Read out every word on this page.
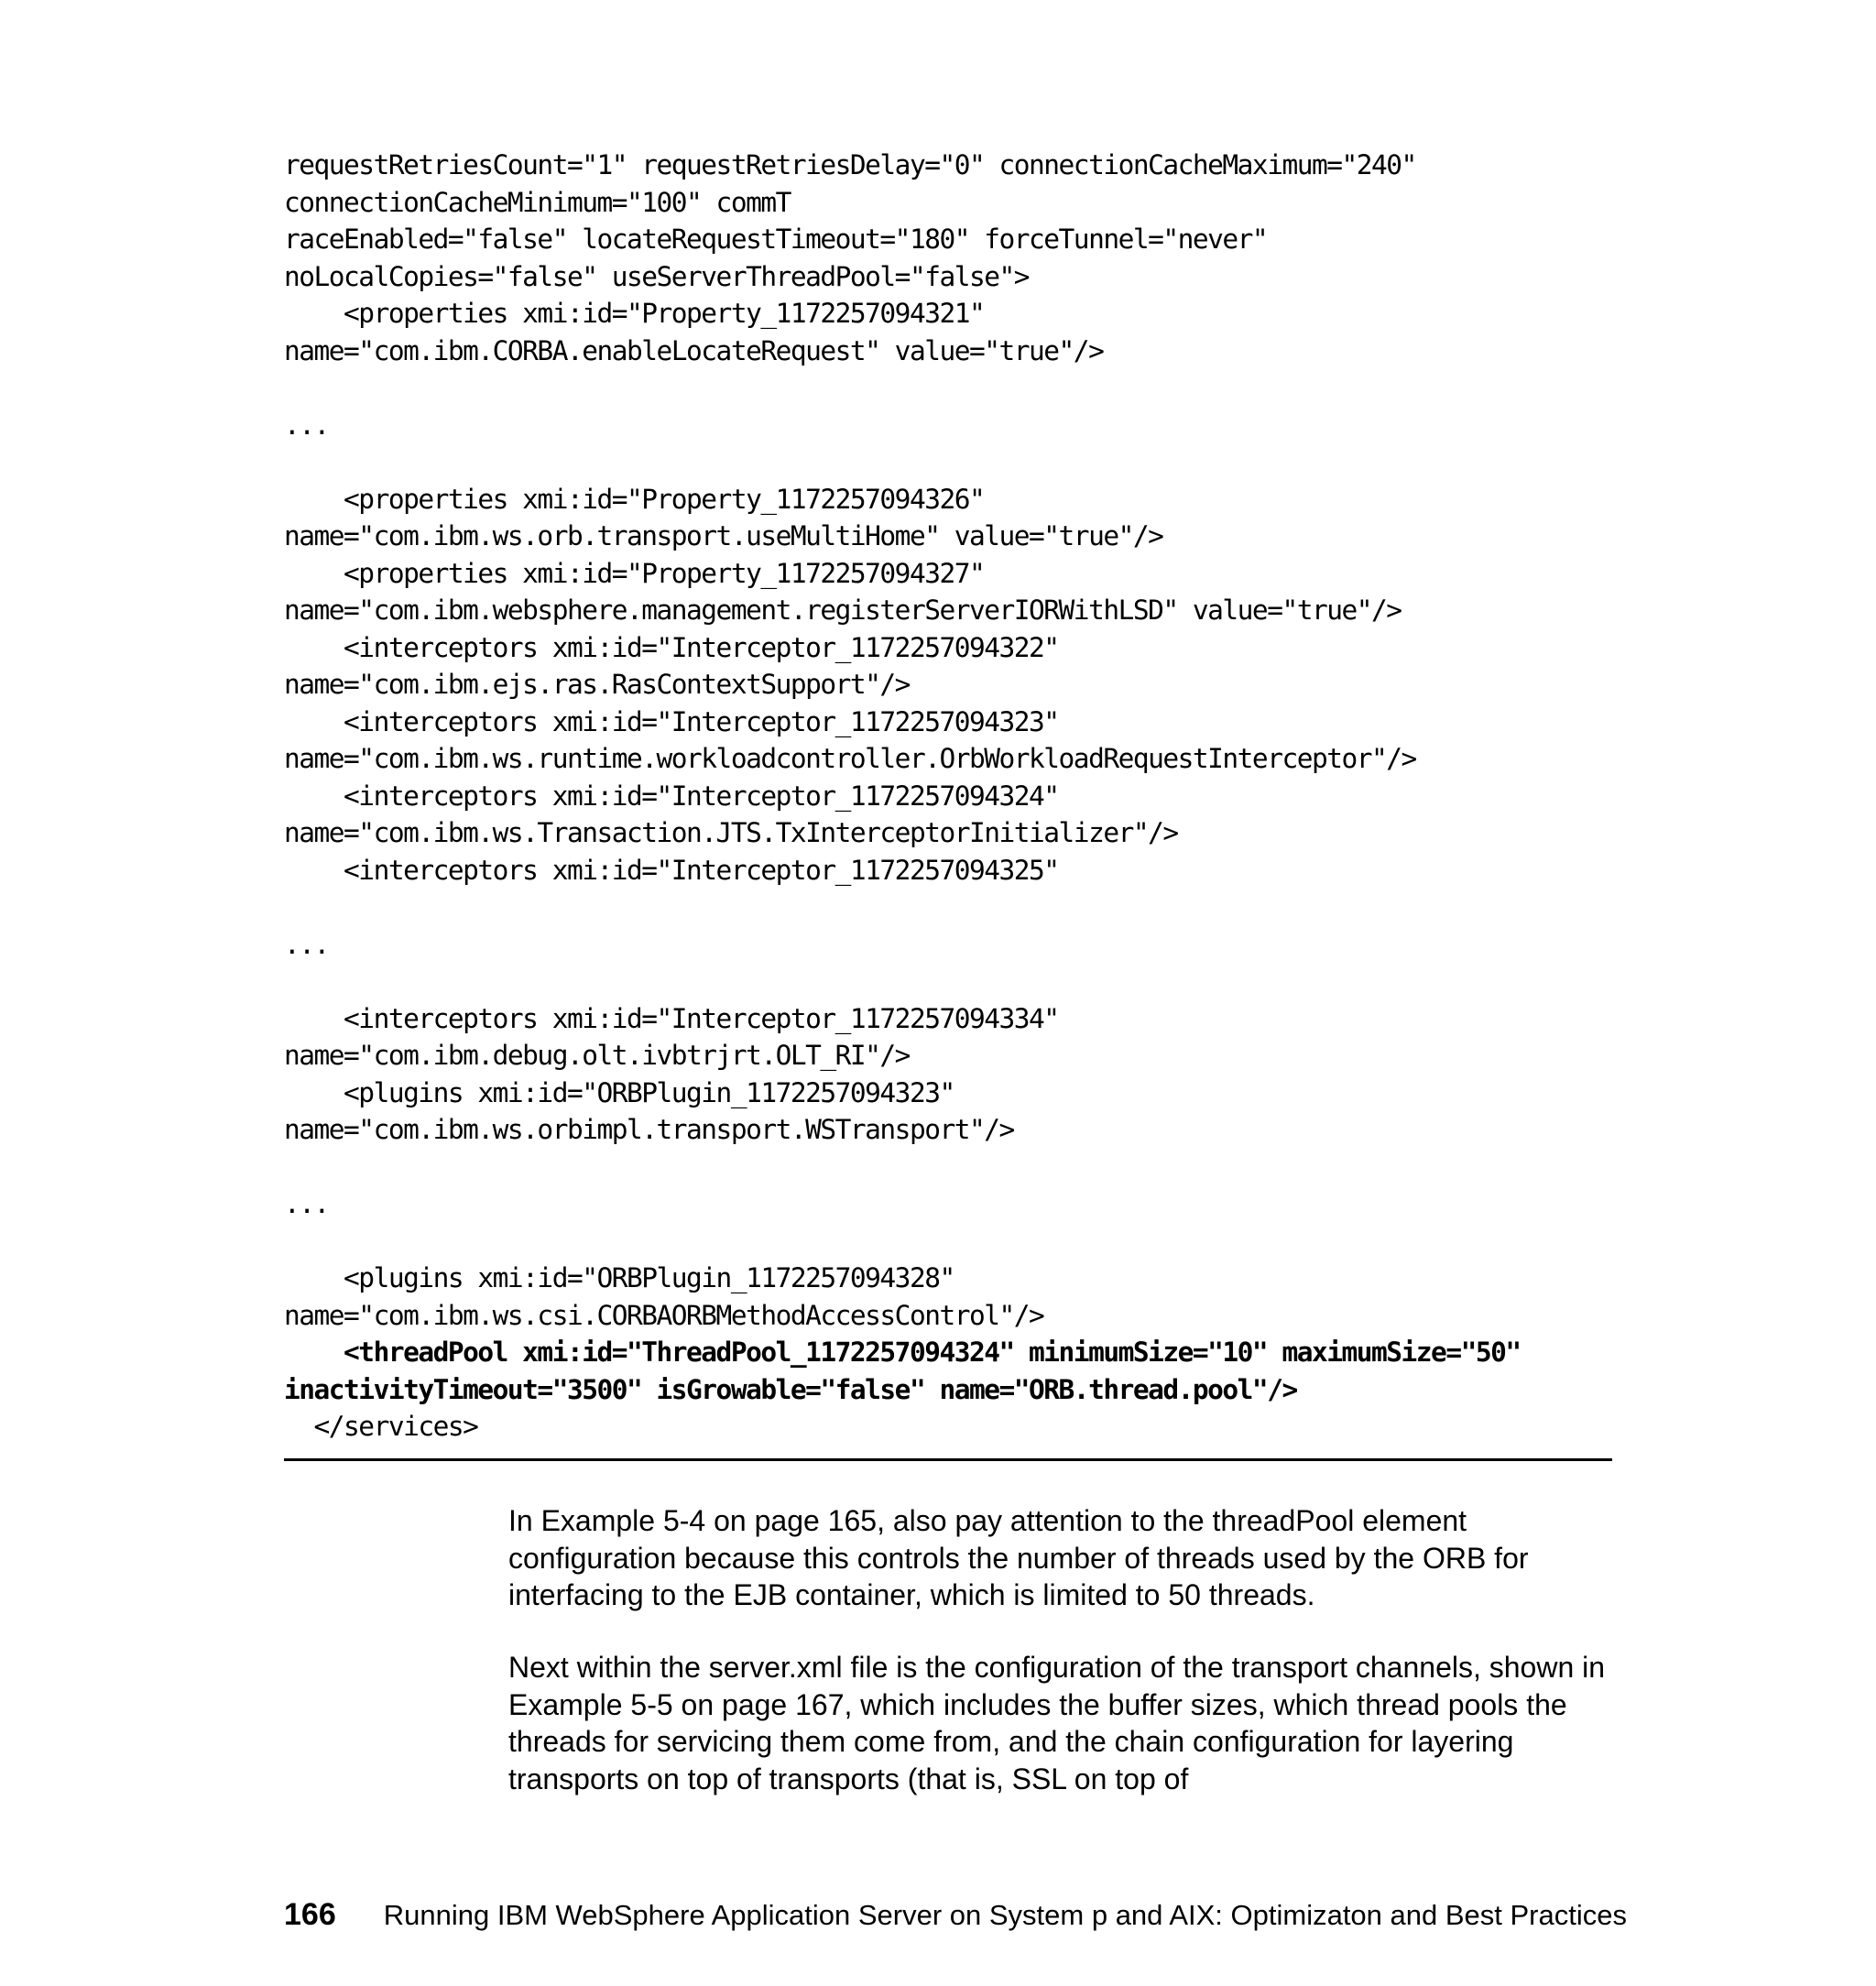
requestRetriesCount="1" requestRetriesDelay="0" connectionCacheMaximum="240"
connectionCacheMinimum="100" commT
raceEnabled="false" locateRequestTimeout="180" forceTunnel="never"
noLocalCopies="false" useServerThreadPool="false">
<properties xmi:id="Property_1172257094321"
name="com.ibm.CORBA.enableLocateRequest" value="true"/>
...
<properties xmi:id="Property_1172257094326"
name="com.ibm.ws.orb.transport.useMultiHome" value="true"/>
<properties xmi:id="Property_1172257094327"
name="com.ibm.websphere.management.registerServerIORWithLSD" value="true"/>
<interceptors xmi:id="Interceptor_1172257094322"
name="com.ibm.ejs.ras.RasContextSupport"/>
<interceptors xmi:id="Interceptor_1172257094323"
name="com.ibm.ws.runtime.workloadcontroller.OrbWorkloadRequestInterceptor"/>
<interceptors xmi:id="Interceptor_1172257094324"
name="com.ibm.ws.Transaction.JTS.TxInterceptorInitializer"/>
<interceptors xmi:id="Interceptor_1172257094325"
...
<interceptors xmi:id="Interceptor_1172257094334"
name="com.ibm.debug.olt.ivbtrjrt.OLT_RI"/>
<plugins xmi:id="ORBPlugin_1172257094323"
name="com.ibm.ws.orbimpl.transport.WSTransport"/>
...
<plugins xmi:id="ORBPlugin_1172257094328"
name="com.ibm.ws.csi.CORBAORBMethodAccessControl"/>
<threadPool xmi:id="ThreadPool_1172257094324" minimumSize="10" maximumSize="50"
inactivityTimeout="3500" isGrowable="false" name="ORB.thread.pool"/>
</services>
In Example 5-4 on page 165, also pay attention to the threadPool element configuration because this controls the number of threads used by the ORB for interfacing to the EJB container, which is limited to 50 threads.
Next within the server.xml file is the configuration of the transport channels, shown in Example 5-5 on page 167, which includes the buffer sizes, which thread pools the threads for servicing them come from, and the chain configuration for layering transports on top of transports (that is, SSL on top of
166 Running IBM WebSphere Application Server on System p and AIX: Optimizaton and Best Practices
